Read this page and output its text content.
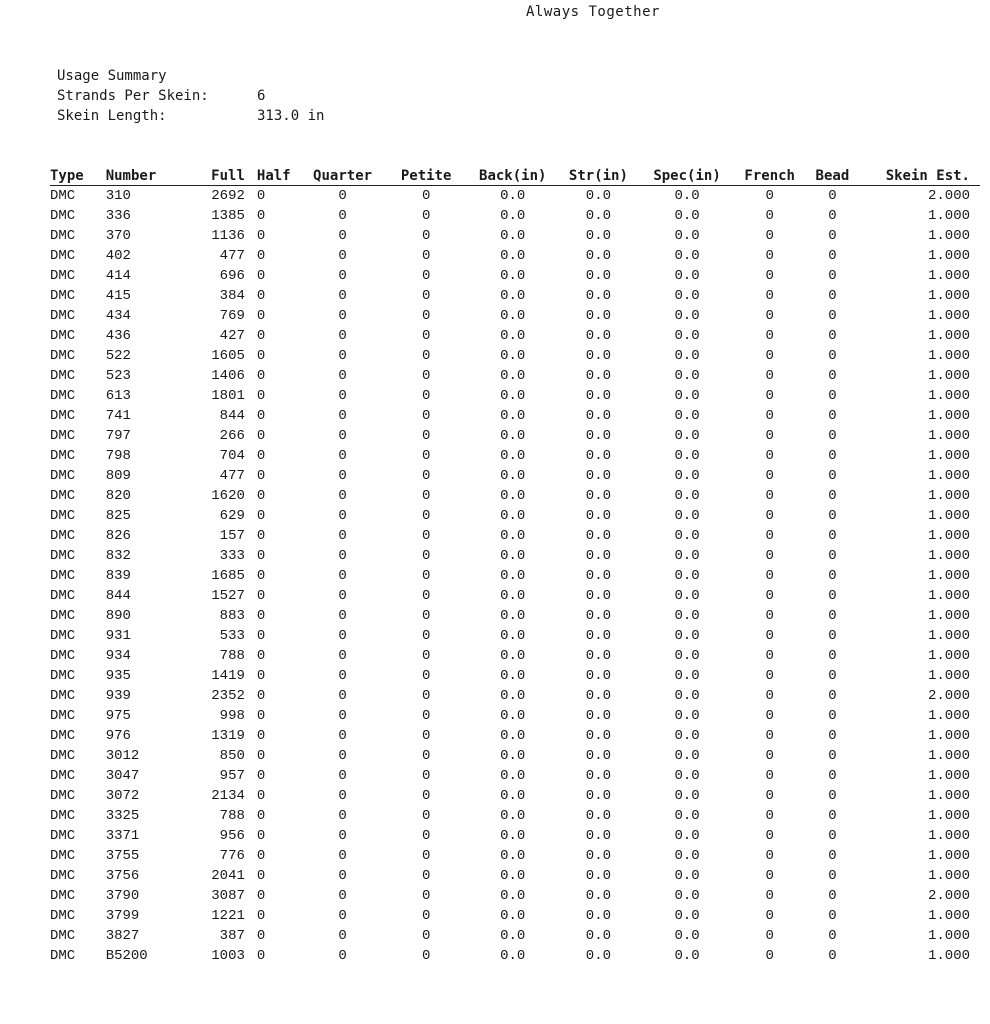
Always Together
Usage Summary
Strands Per Skein:	6
Skein Length:	313.0 in
Type	Number	Full	Half	Quarter	Petite	Back(in)	Str(in)	Spec(in)	French	Bead	Skein Est.
DMC	310	2692	0	0	0	0.0	0.0	0.0	0	0	2.000
DMC	336	1385	0	0	0	0.0	0.0	0.0	0	0	1.000
DMC	370	1136	0	0	0	0.0	0.0	0.0	0	0	1.000
DMC	402	477	0	0	0	0.0	0.0	0.0	0	0	1.000
DMC	414	696	0	0	0	0.0	0.0	0.0	0	0	1.000
DMC	415	384	0	0	0	0.0	0.0	0.0	0	0	1.000
DMC	434	769	0	0	0	0.0	0.0	0.0	0	0	1.000
DMC	436	427	0	0	0	0.0	0.0	0.0	0	0	1.000
DMC	522	1605	0	0	0	0.0	0.0	0.0	0	0	1.000
DMC	523	1406	0	0	0	0.0	0.0	0.0	0	0	1.000
DMC	613	1801	0	0	0	0.0	0.0	0.0	0	0	1.000
DMC	741	844	0	0	0	0.0	0.0	0.0	0	0	1.000
DMC	797	266	0	0	0	0.0	0.0	0.0	0	0	1.000
DMC	798	704	0	0	0	0.0	0.0	0.0	0	0	1.000
DMC	809	477	0	0	0	0.0	0.0	0.0	0	0	1.000
DMC	820	1620	0	0	0	0.0	0.0	0.0	0	0	1.000
DMC	825	629	0	0	0	0.0	0.0	0.0	0	0	1.000
DMC	826	157	0	0	0	0.0	0.0	0.0	0	0	1.000
DMC	832	333	0	0	0	0.0	0.0	0.0	0	0	1.000
DMC	839	1685	0	0	0	0.0	0.0	0.0	0	0	1.000
DMC	844	1527	0	0	0	0.0	0.0	0.0	0	0	1.000
DMC	890	883	0	0	0	0.0	0.0	0.0	0	0	1.000
DMC	931	533	0	0	0	0.0	0.0	0.0	0	0	1.000
DMC	934	788	0	0	0	0.0	0.0	0.0	0	0	1.000
DMC	935	1419	0	0	0	0.0	0.0	0.0	0	0	1.000
DMC	939	2352	0	0	0	0.0	0.0	0.0	0	0	2.000
DMC	975	998	0	0	0	0.0	0.0	0.0	0	0	1.000
DMC	976	1319	0	0	0	0.0	0.0	0.0	0	0	1.000
DMC	3012	850	0	0	0	0.0	0.0	0.0	0	0	1.000
DMC	3047	957	0	0	0	0.0	0.0	0.0	0	0	1.000
DMC	3072	2134	0	0	0	0.0	0.0	0.0	0	0	1.000
DMC	3325	788	0	0	0	0.0	0.0	0.0	0	0	1.000
DMC	3371	956	0	0	0	0.0	0.0	0.0	0	0	1.000
DMC	3755	776	0	0	0	0.0	0.0	0.0	0	0	1.000
DMC	3756	2041	0	0	0	0.0	0.0	0.0	0	0	1.000
DMC	3790	3087	0	0	0	0.0	0.0	0.0	0	0	2.000
DMC	3799	1221	0	0	0	0.0	0.0	0.0	0	0	1.000
DMC	3827	387	0	0	0	0.0	0.0	0.0	0	0	1.000
DMC	B5200	1003	0	0	0	0.0	0.0	0.0	0	0	1.000
